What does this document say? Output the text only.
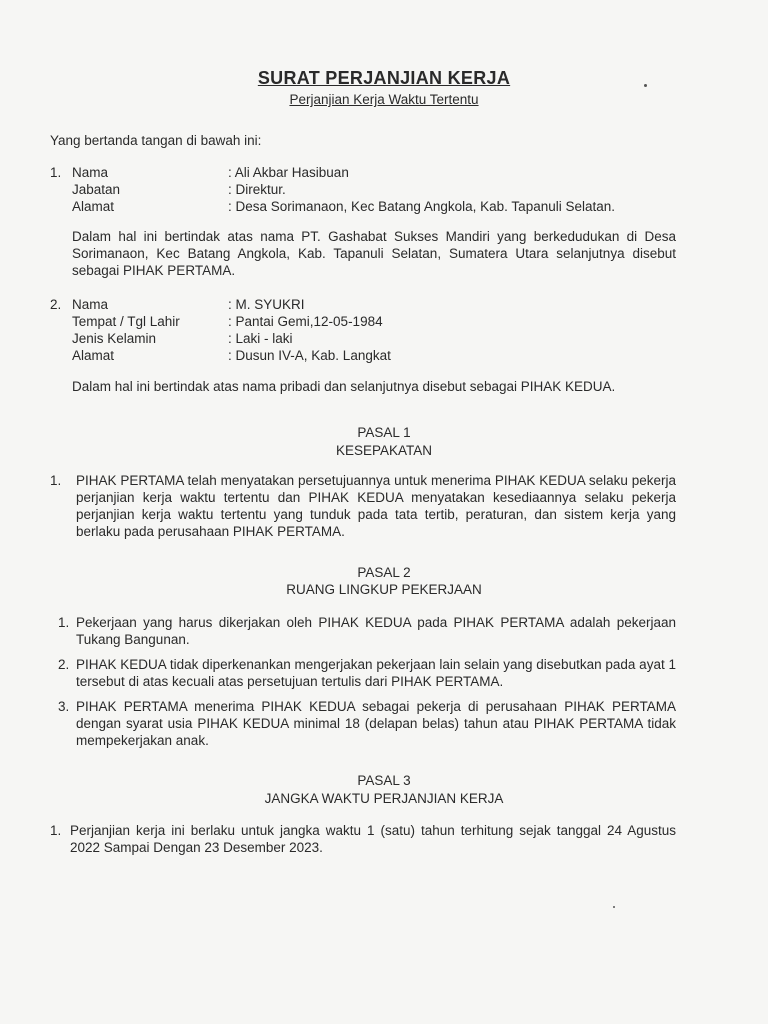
SURAT PERJANJIAN KERJA
Perjanjian Kerja Waktu Tertentu
Yang bertanda tangan di bawah ini:
1. Nama	: Ali Akbar Hasibuan
Jabatan	: Direktur.
Alamat	: Desa Sorimanaon, Kec Batang Angkola, Kab. Tapanuli Selatan.
Dalam hal ini bertindak atas nama PT. Gashabat Sukses Mandiri yang berkedudukan di Desa Sorimanaon, Kec Batang Angkola, Kab. Tapanuli Selatan, Sumatera Utara selanjutnya disebut sebagai PIHAK PERTAMA.
2. Nama	: M. SYUKRI
Tempat / Tgl Lahir	: Pantai Gemi,12-05-1984
Jenis Kelamin	: Laki - laki
Alamat	: Dusun IV-A, Kab. Langkat
Dalam hal ini bertindak atas nama pribadi dan selanjutnya disebut sebagai PIHAK KEDUA.
PASAL 1
KESEPAKATAN
1. PIHAK PERTAMA telah menyatakan persetujuannya untuk menerima PIHAK KEDUA selaku pekerja perjanjian kerja waktu tertentu dan PIHAK KEDUA menyatakan kesediaannya selaku pekerja perjanjian kerja waktu tertentu yang tunduk pada tata tertib, peraturan, dan sistem kerja yang berlaku pada perusahaan PIHAK PERTAMA.
PASAL 2
RUANG LINGKUP PEKERJAAN
1. Pekerjaan yang harus dikerjakan oleh PIHAK KEDUA pada PIHAK PERTAMA adalah pekerjaan Tukang Bangunan.
2. PIHAK KEDUA tidak diperkenankan mengerjakan pekerjaan lain selain yang disebutkan pada ayat 1 tersebut di atas kecuali atas persetujuan tertulis dari PIHAK PERTAMA.
3. PIHAK PERTAMA menerima PIHAK KEDUA sebagai pekerja di perusahaan PIHAK PERTAMA dengan syarat usia PIHAK KEDUA minimal 18 (delapan belas) tahun atau PIHAK PERTAMA tidak mempekerjakan anak.
PASAL 3
JANGKA WAKTU PERJANJIAN KERJA
1. Perjanjian kerja ini berlaku untuk jangka waktu 1 (satu) tahun terhitung sejak tanggal 24 Agustus 2022 Sampai Dengan 23 Desember 2023.
